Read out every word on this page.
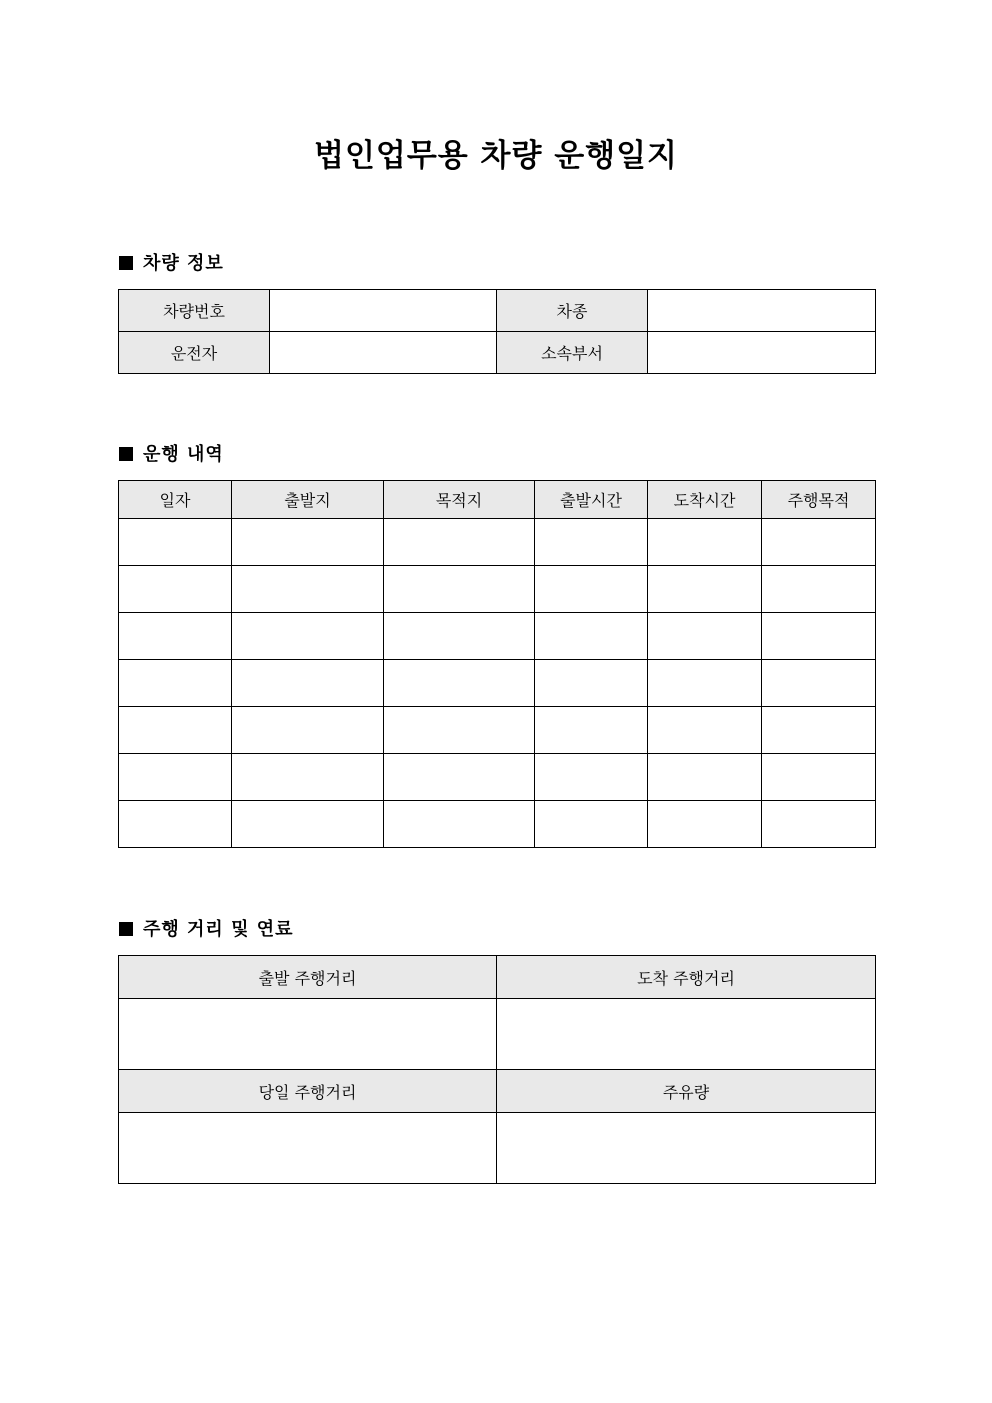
법인업무용 차량 운행일지
차량 정보
차량번호		차종	
운전자		소속부서	
운행 내역
일자	출발지	목적지	출발시간	도착시간	주행목적

주행 거리 및 연료
출발 주행거리	도착 주행거리

당일 주행거리	주유량
